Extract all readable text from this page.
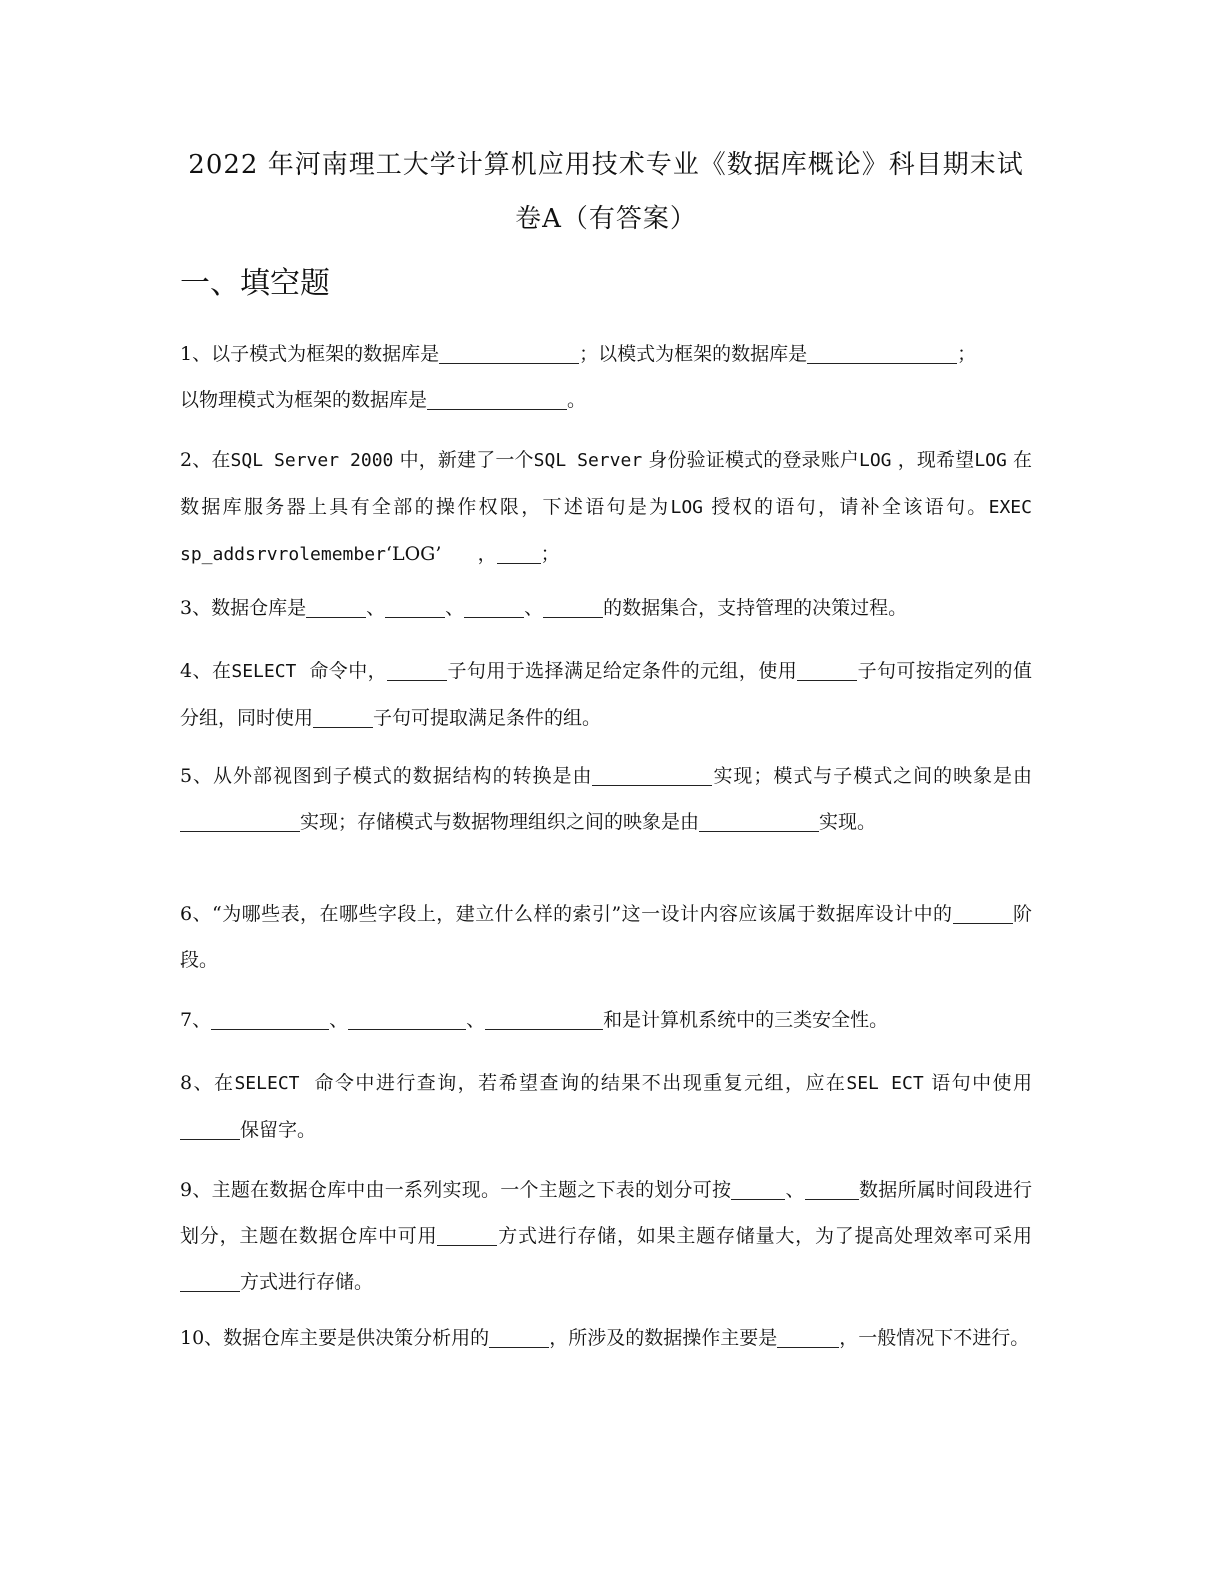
2022 年河南理工大学计算机应用技术专业《数据库概论》科目期末试
卷A（有答案）
一、填空题

1、以子模式为框架的数据库是	；以模式为框架的数据库是	；
以物理模式为框架的数据库是	。

2、在SQL Server 2000 中，新建了一个SQL Server 身份验证模式的登录账户LOG ，现希望LOG 在数据库服务器上具有全部的操作权限，下述语句是为LOG 授权的语句，请补全该语句。EXEC sp_addsrvrolemember‘LOG’      ， ；

3、数据仓库是	、	、	、	的数据集合，支持管理的决策过程。

4、在SELECT  命令中，	子句用于选择满足给定条件的元组，使用	子句可按指定列的值分组，同时使用	子句可提取满足条件的组。

5、从外部视图到子模式的数据结构的转换是由	实现；模式与子模式之间的映象是由实现；存储模式与数据物理组织之间的映象是由	实现。

6、“为哪些表，在哪些字段上，建立什么样的索引”这一设计内容应该属于数据库设计中的	阶段。

7、	、	、	和是计算机系统中的三类安全性。

8、在SELECT  命令中进行查询，若希望查询的结果不出现重复元组，应在SEL ECT 语句中使用保留字。

9、主题在数据仓库中由一系列实现。一个主题之下表的划分可按	、	数据所属时间段进行划分，主题在数据仓库中可用	方式进行存储，如果主题存储量大，为了提高处理效率可采用方式进行存储。

10、数据仓库主要是供决策分析用的	，所涉及的数据操作主要是	，一般情况下不进行。
